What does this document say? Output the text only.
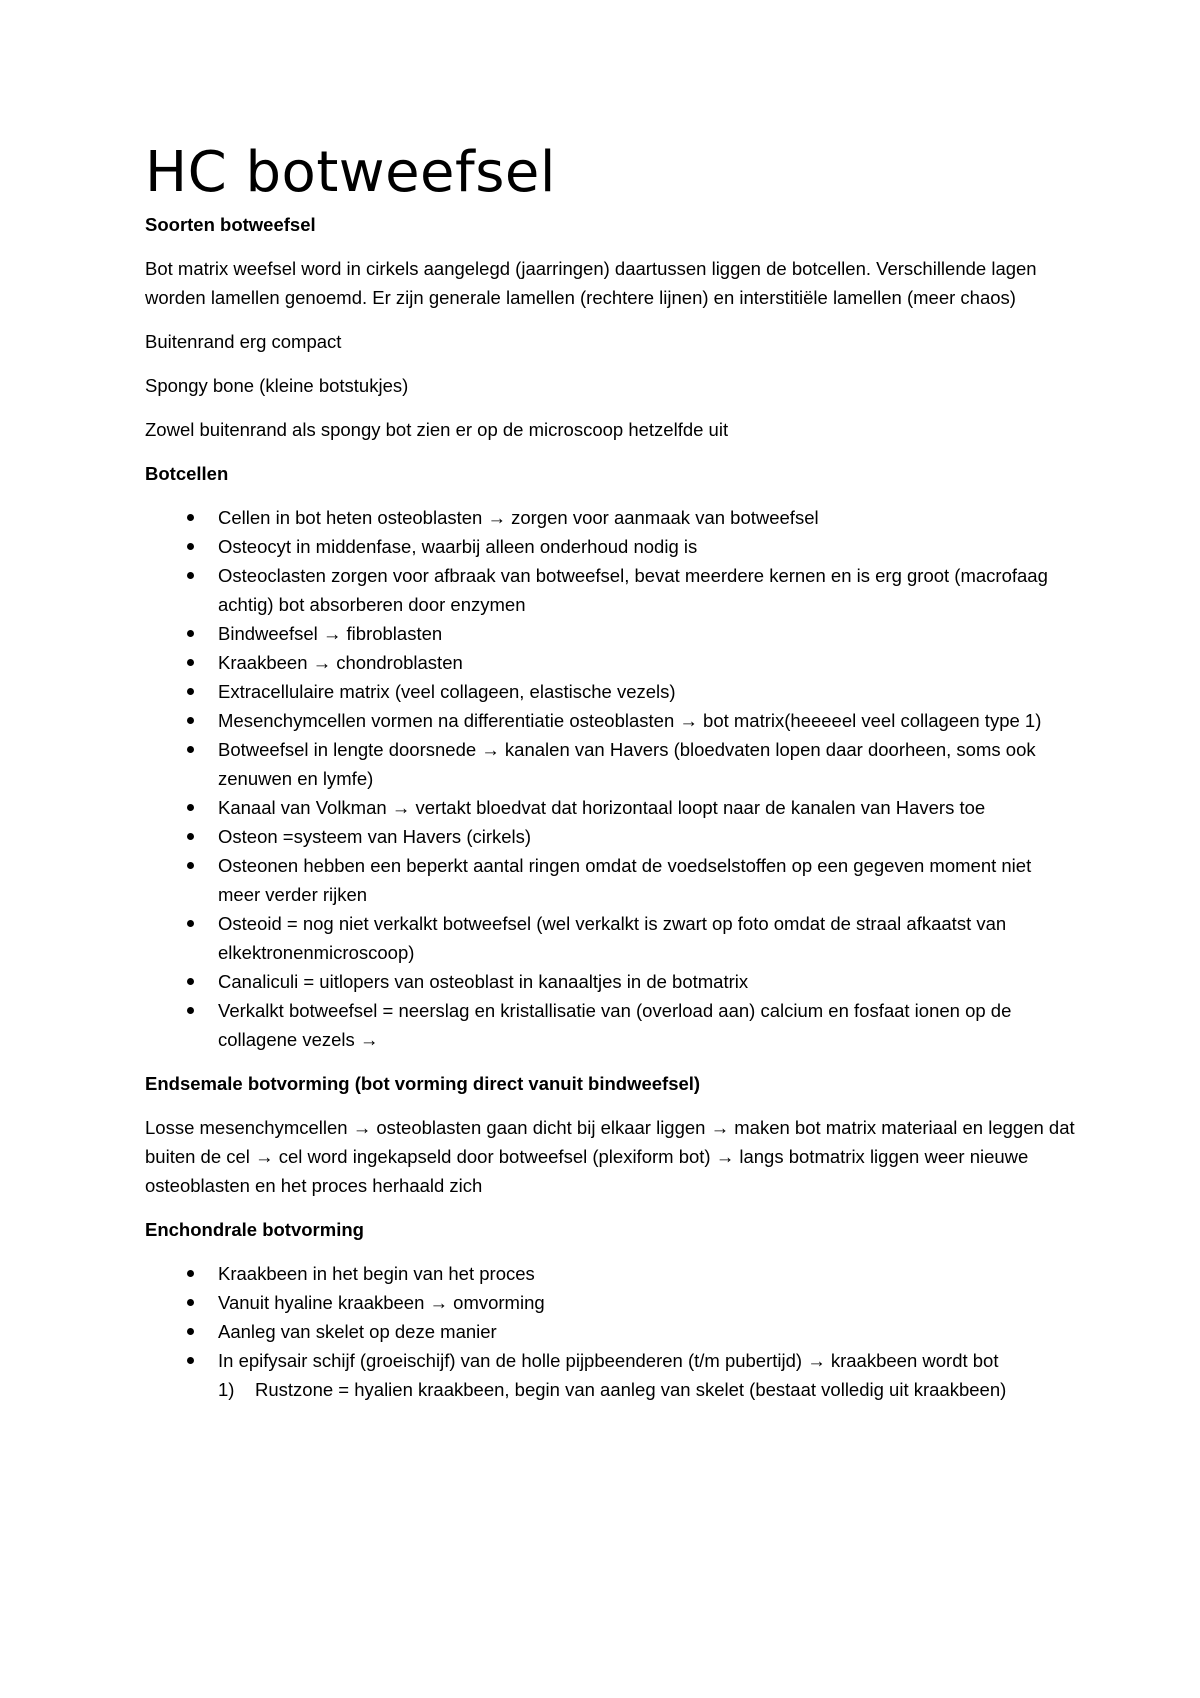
HC botweefsel
Soorten botweefsel
Bot matrix weefsel word in cirkels aangelegd (jaarringen) daartussen liggen de botcellen. Verschillende lagen worden lamellen genoemd. Er zijn generale lamellen (rechtere lijnen) en interstitiële lamellen (meer chaos)
Buitenrand erg compact
Spongy bone (kleine botstukjes)
Zowel buitenrand als spongy bot zien er op de microscoop hetzelfde uit
Botcellen
Cellen in bot heten osteoblasten → zorgen voor aanmaak van botweefsel
Osteocyt in middenfase, waarbij alleen onderhoud nodig is
Osteoclasten zorgen voor afbraak van botweefsel, bevat meerdere kernen en is erg groot (macrofaag achtig) bot absorberen door enzymen
Bindweefsel → fibroblasten
Kraakbeen → chondroblasten
Extracellulaire matrix (veel collageen, elastische vezels)
Mesenchymcellen vormen na differentiatie osteoblasten → bot matrix(heeeeel veel collageen type 1)
Botweefsel in lengte doorsnede → kanalen van Havers (bloedvaten lopen daar doorheen, soms ook zenuwen en lymfe)
Kanaal van Volkman → vertakt bloedvat dat horizontaal loopt naar de kanalen van Havers toe
Osteon =systeem van Havers (cirkels)
Osteonen hebben een beperkt aantal ringen omdat de voedselstoffen op een gegeven moment niet meer verder rijken
Osteoid = nog niet verkalkt botweefsel (wel verkalkt is zwart op foto omdat de straal afkaatst van elkektronenmicroscoop)
Canaliculi = uitlopers van osteoblast in kanaaltjes in de botmatrix
Verkalkt botweefsel = neerslag en kristallisatie van (overload aan) calcium en fosfaat ionen op de collagene vezels →
Endsemale botvorming (bot vorming direct vanuit bindweefsel)
Losse mesenchymcellen → osteoblasten gaan dicht bij elkaar liggen → maken bot matrix materiaal en leggen dat buiten de cel → cel word ingekapseld door botweefsel (plexiform bot) → langs botmatrix liggen weer nieuwe osteoblasten en het proces herhaald zich
Enchondrale botvorming
Kraakbeen in het begin van het proces
Vanuit hyaline kraakbeen → omvorming
Aanleg van skelet op deze manier
In epifysair schijf (groeischijf) van de holle pijpbeenderen (t/m pubertijd) → kraakbeen wordt bot
1) Rustzone = hyalien kraakbeen, begin van aanleg van skelet (bestaat volledig uit kraakbeen)
